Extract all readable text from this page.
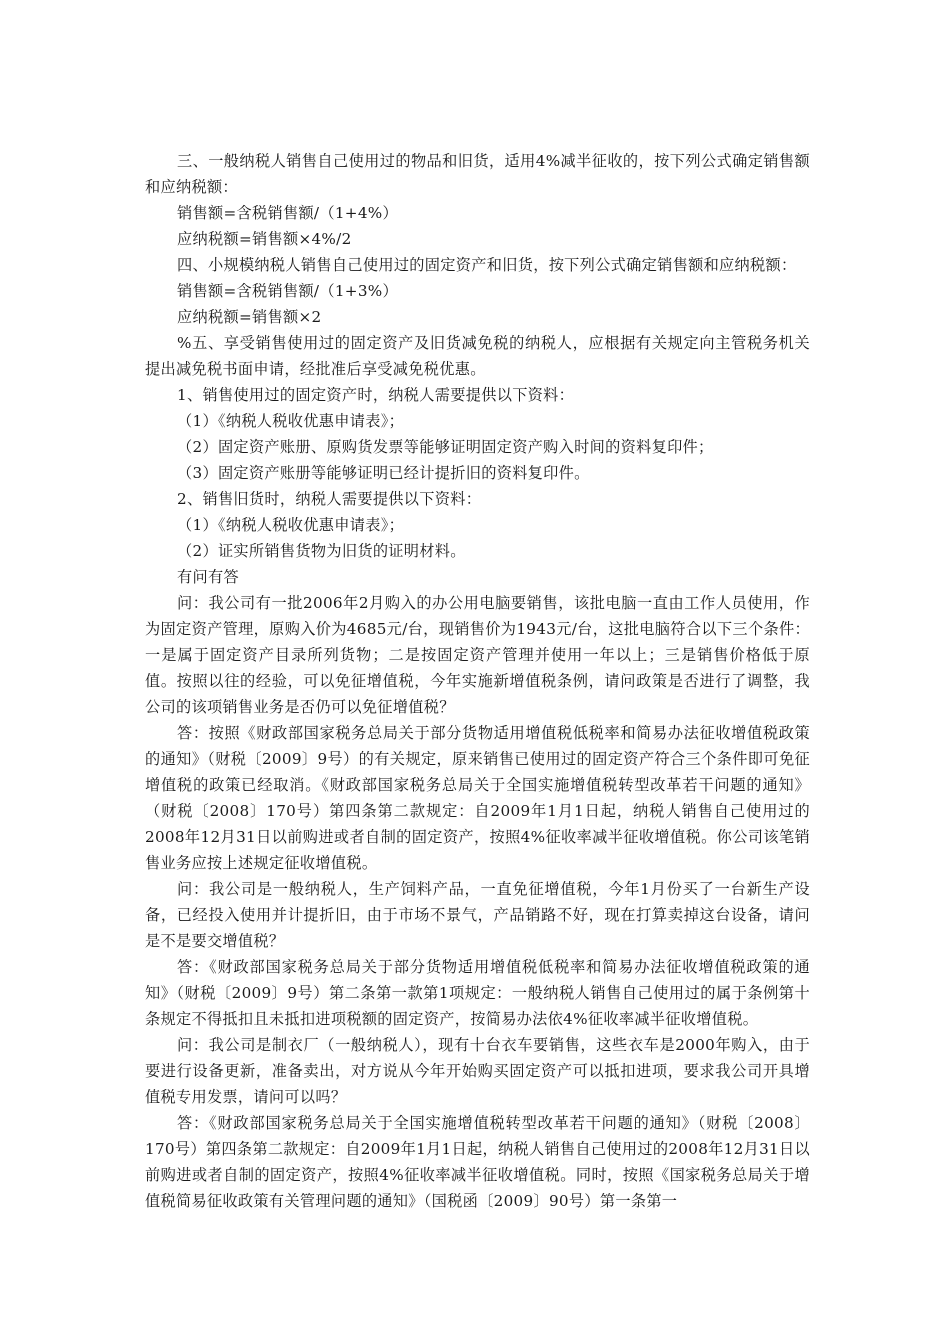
三、一般纳税人销售自己使用过的物品和旧货，适用4%减半征收的，按下列公式确定销售额和应纳税额：

销售额=含税销售额/（1+4%）

应纳税额=销售额×4%/2

四、小规模纳税人销售自己使用过的固定资产和旧货，按下列公式确定销售额和应纳税额：

销售额=含税销售额/（1+3%）

应纳税额=销售额×2

%五、享受销售使用过的固定资产及旧货减免税的纳税人，应根据有关规定向主管税务机关提出减免税书面申请，经批准后享受减免税优惠。

1、销售使用过的固定资产时，纳税人需要提供以下资料：

（1）《纳税人税收优惠申请表》；

（2）固定资产账册、原购货发票等能够证明固定资产购入时间的资料复印件；

（3）固定资产账册等能够证明已经计提折旧的资料复印件。

2、销售旧货时，纳税人需要提供以下资料：

（1）《纳税人税收优惠申请表》；

（2）证实所销售货物为旧货的证明材料。

有问有答

问：我公司有一批2006年2月购入的办公用电脑要销售，该批电脑一直由工作人员使用，作为固定资产管理，原购入价为4685元/台，现销售价为1943元/台，这批电脑符合以下三个条件：一是属于固定资产目录所列货物；二是按固定资产管理并使用一年以上；三是销售价格低于原值。按照以往的经验，可以免征增值税，今年实施新增值税条例，请问政策是否进行了调整，我公司的该项销售业务是否仍可以免征增值税？

答：按照《财政部国家税务总局关于部分货物适用增值税低税率和简易办法征收增值税政策的通知》（财税〔2009〕9号）的有关规定，原来销售已使用过的固定资产符合三个条件即可免征增值税的政策已经取消。《财政部国家税务总局关于全国实施增值税转型改革若干问题的通知》（财税〔2008〕170号）第四条第二款规定：自2009年1月1日起，纳税人销售自己使用过的2008年12月31日以前购进或者自制的固定资产，按照4%征收率减半征收增值税。你公司该笔销售业务应按上述规定征收增值税。

问：我公司是一般纳税人，生产饲料产品，一直免征增值税，今年1月份买了一台新生产设备，已经投入使用并计提折旧，由于市场不景气，产品销路不好，现在打算卖掉这台设备，请问是不是要交增值税？

答：《财政部国家税务总局关于部分货物适用增值税低税率和简易办法征收增值税政策的通知》（财税〔2009〕9号）第二条第一款第1项规定：一般纳税人销售自己使用过的属于条例第十条规定不得抵扣且未抵扣进项税额的固定资产，按简易办法依4%征收率减半征收增值税。

问：我公司是制衣厂（一般纳税人），现有十台衣车要销售，这些衣车是2000年购入，由于要进行设备更新，准备卖出，对方说从今年开始购买固定资产可以抵扣进项，要求我公司开具增值税专用发票，请问可以吗？

答：《财政部国家税务总局关于全国实施增值税转型改革若干问题的通知》（财税〔2008〕170号）第四条第二款规定：自2009年1月1日起，纳税人销售自己使用过的2008年12月31日以前购进或者自制的固定资产，按照4%征收率减半征收增值税。同时，按照《国家税务总局关于增值税简易征收政策有关管理问题的通知》（国税函〔2009〕90号）第一条第一
